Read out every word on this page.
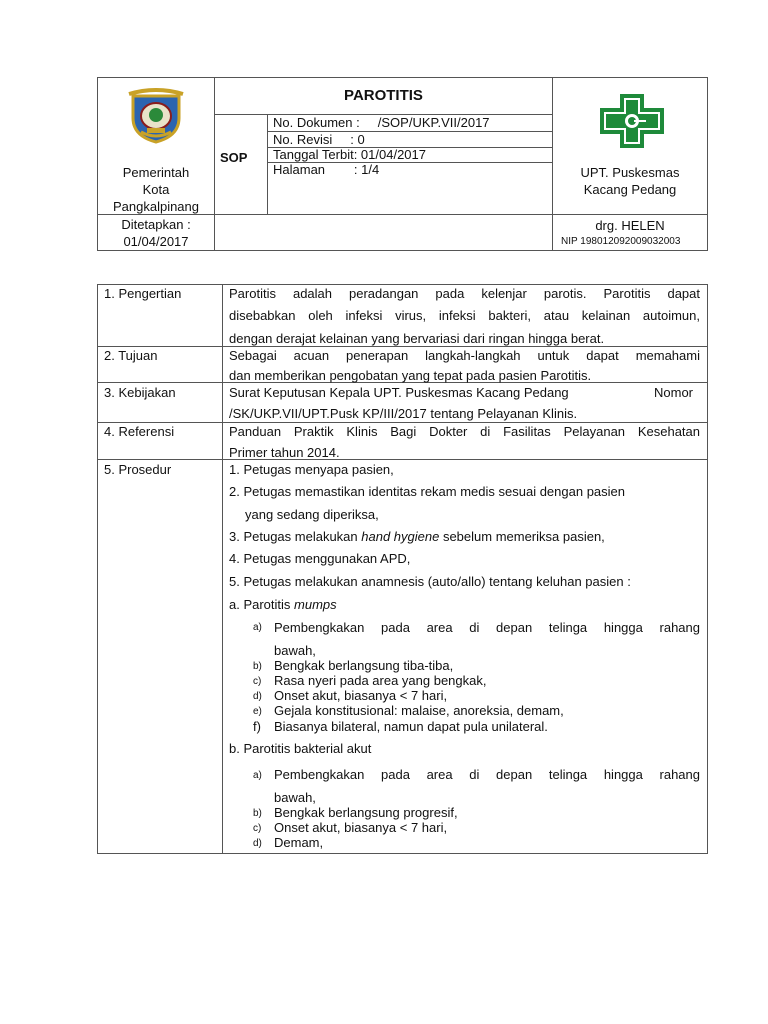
Pemerintah
Kota
Pangkalpinang
PAROTITIS
SOP
No. Dokumen :     /SOP/UKP.VII/2017
No. Revisi     : 0
Tanggal Terbit: 01/04/2017
Halaman        : 1/4	UPT. Puskesmas
Kacang Pedang
Ditetapkan :
01/04/2017
drg. HELEN
NIP 198012092009032003
1. Pengertian
2. Tujuan
3. Kebijakan
4. Referensi
5. Prosedur
Parotitis adalah peradangan pada kelenjar parotis. Parotitis dapat
disebabkan oleh infeksi virus, infeksi bakteri, atau kelainan autoimun,
dengan derajat kelainan yang bervariasi dari ringan hingga berat.
Sebagai acuan penerapan langkah-langkah untuk dapat memahami
dan memberikan pengobatan yang tepat pada pasien Parotitis.
Surat Keputusan Kepala UPT. Puskesmas Kacang Pedang	Nomor
/SK/UKP.VII/UPT.Pusk KP/III/2017 tentang Pelayanan Klinis.
Panduan Praktik Klinis Bagi Dokter di Fasilitas Pelayanan Kesehatan
Primer tahun 2014.
1. Petugas menyapa pasien,
2. Petugas memastikan identitas rekam medis sesuai dengan pasien
yang sedang diperiksa,
3. Petugas melakukan hand hygiene sebelum memeriksa pasien,
4. Petugas menggunakan APD,
5. Petugas melakukan anamnesis (auto/allo) tentang keluhan pasien :
a. Parotitis mumps
a) Pembengkakan pada area di depan telinga hingga rahang
bawah,
b) Bengkak berlangsung tiba-tiba,
c) Rasa nyeri pada area yang bengkak,
d) Onset akut, biasanya < 7 hari,
e) Gejala konstitusional: malaise, anoreksia, demam,
f) Biasanya bilateral, namun dapat pula unilateral.
b. Parotitis bakterial akut
a) Pembengkakan pada area di depan telinga hingga rahang
bawah,
b) Bengkak berlangsung progresif,
c) Onset akut, biasanya < 7 hari,
d) Demam,
